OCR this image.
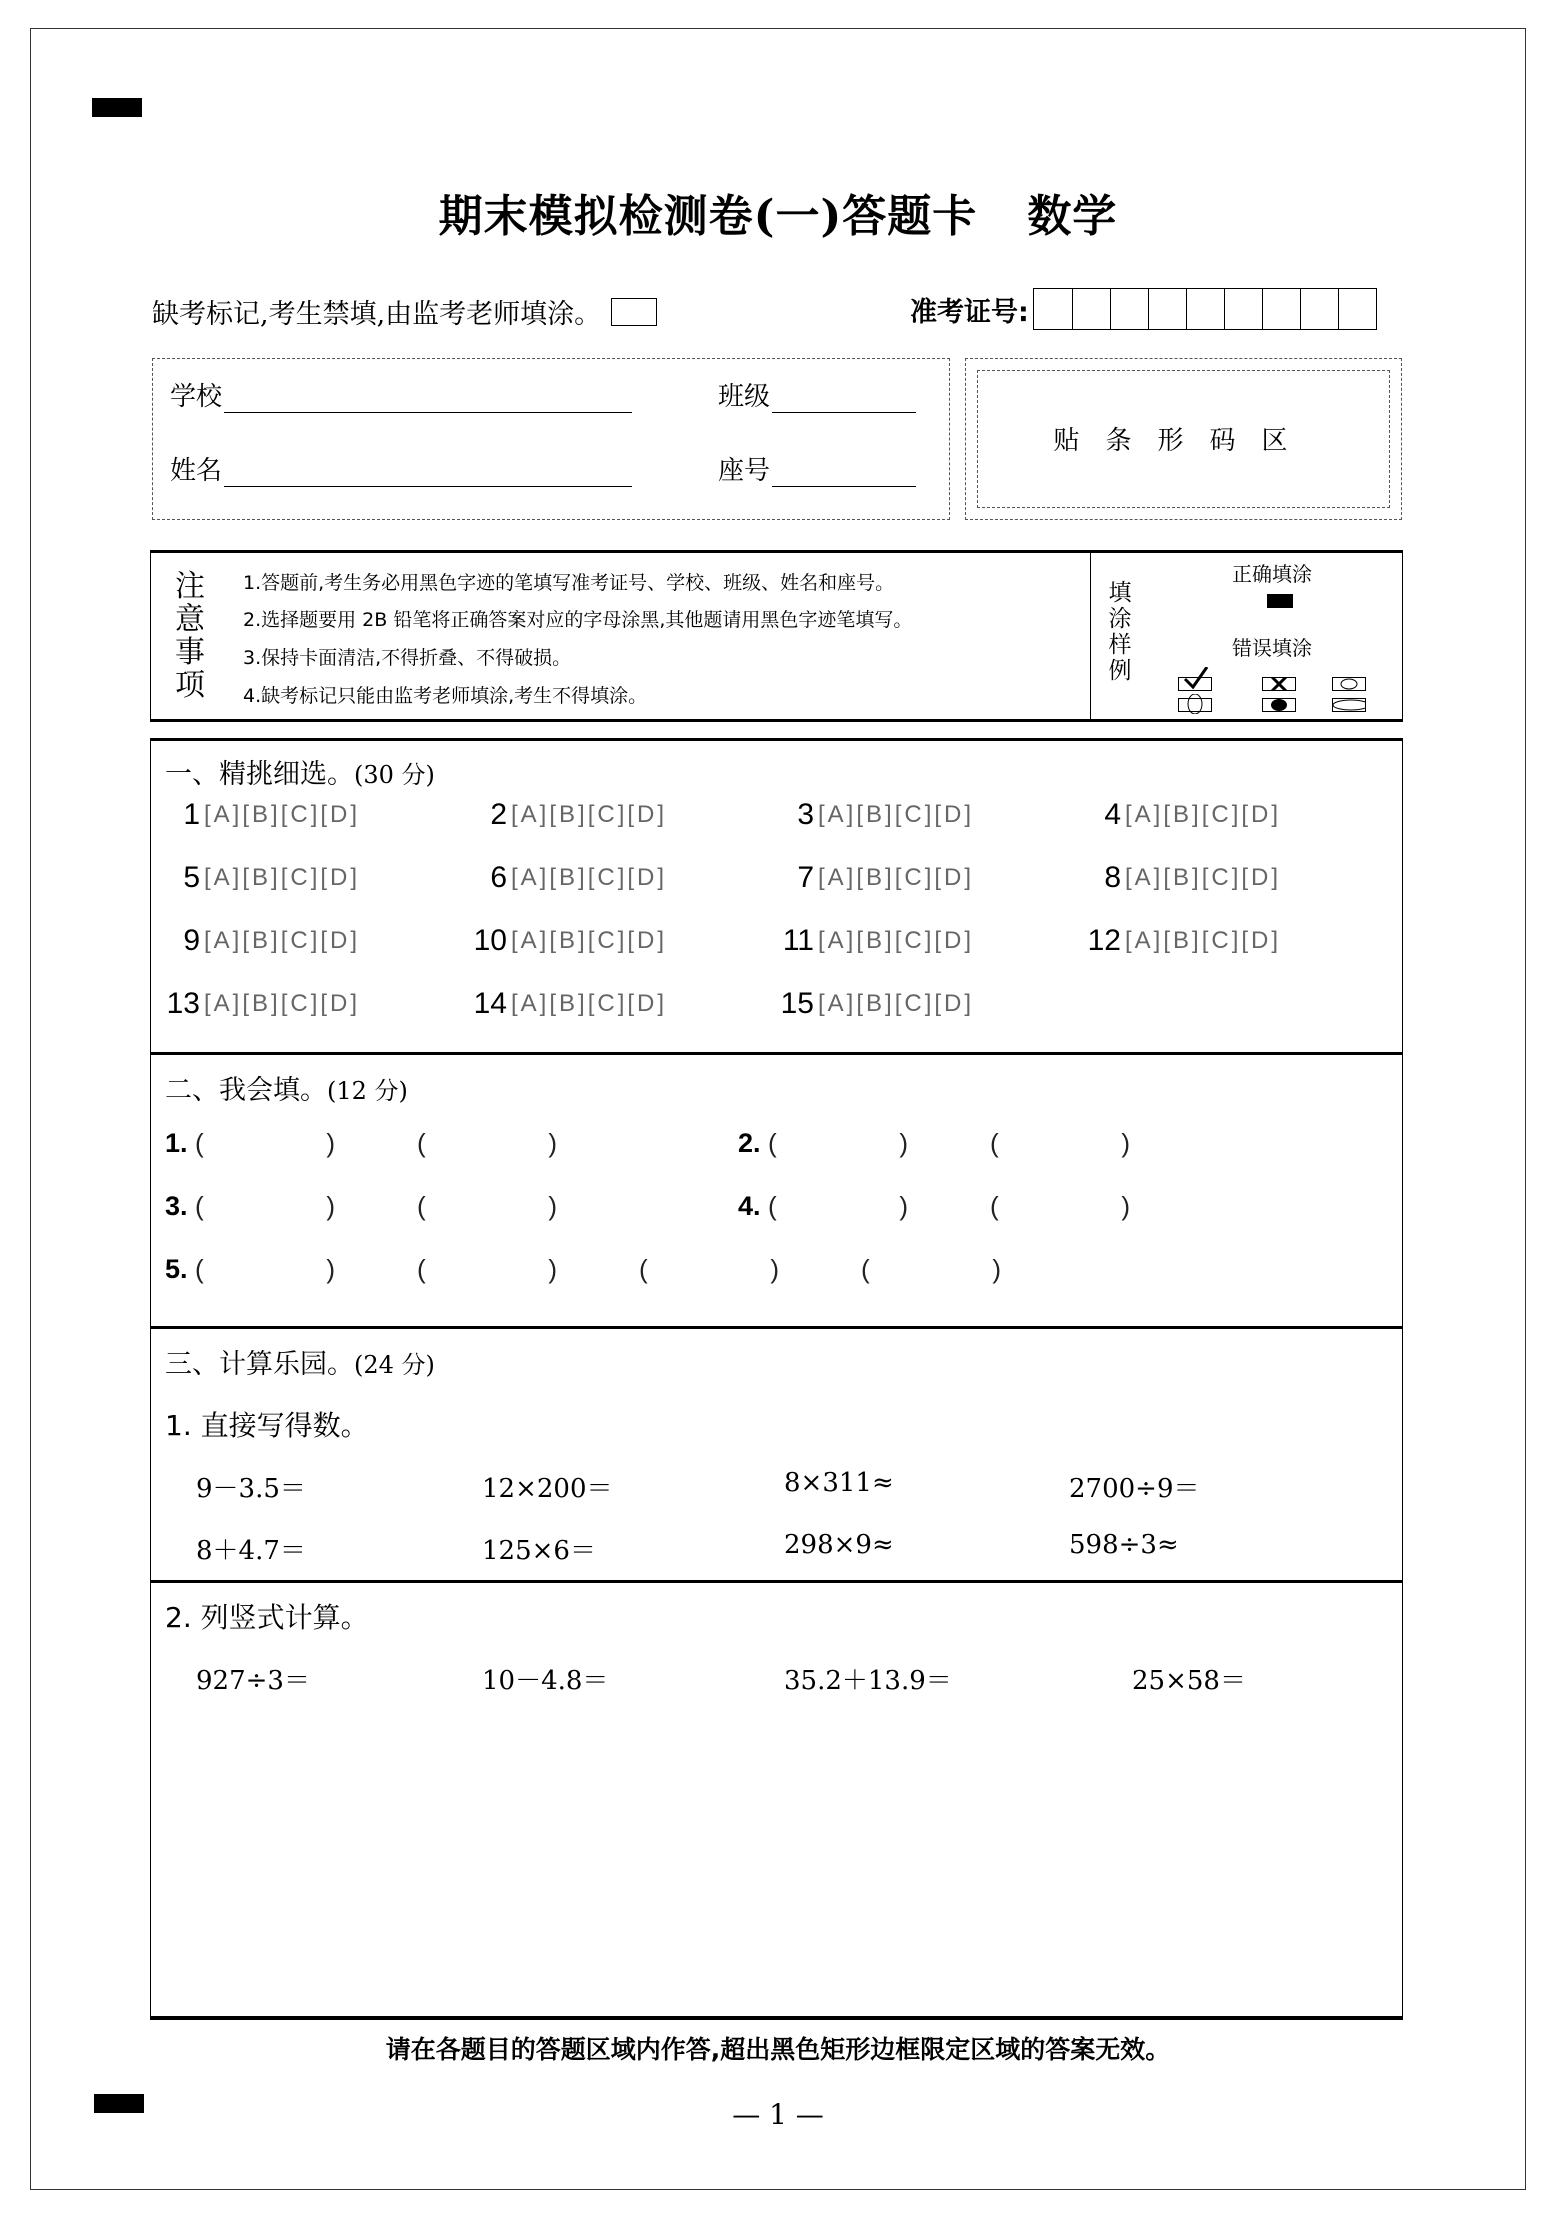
期末模拟检测卷(一)答题卡 数学
缺考标记,考生禁填,由监考老师填涂。	准考证号:
学校	班级
姓名	座号
贴条形码区
注意事项
1.答题前,考生务必用黑色字迹的笔填写准考证号、学校、班级、姓名和座号。
2.选择题要用 2B 铅笔将正确答案对应的字母涂黑,其他题请用黑色字迹笔填写。
3.保持卡面清洁,不得折叠、不得破损。
4.缺考标记只能由监考老师填涂,考生不得填涂。
填涂样例
正确填涂
错误填涂
一、精挑细选。(30 分)
1 [A][B][C][D]	2 [A][B][C][D]	3 [A][B][C][D]	4 [A][B][C][D]
5 [A][B][C][D]	6 [A][B][C][D]	7 [A][B][C][D]	8 [A][B][C][D]
9 [A][B][C][D]	10 [A][B][C][D]	11 [A][B][C][D]	12 [A][B][C][D]
13 [A][B][C][D]	14 [A][B][C][D]	15 [A][B][C][D]
二、我会填。(12 分)
1. (	)	(	)	2. (	)	(	)
3. (	)	(	)	4. (	)	(	)
5. (	)	(	)	(	)	(	)
三、计算乐园。(24 分)
1. 直接写得数。
9－3.5＝	12×200＝	8×311≈	2700÷9＝
8＋4.7＝	125×6＝	298×9≈	598÷3≈
2. 列竖式计算。
927÷3＝	10－4.8＝	35.2＋13.9＝	25×58＝
请在各题目的答题区域内作答,超出黑色矩形边框限定区域的答案无效。
— 1 —
